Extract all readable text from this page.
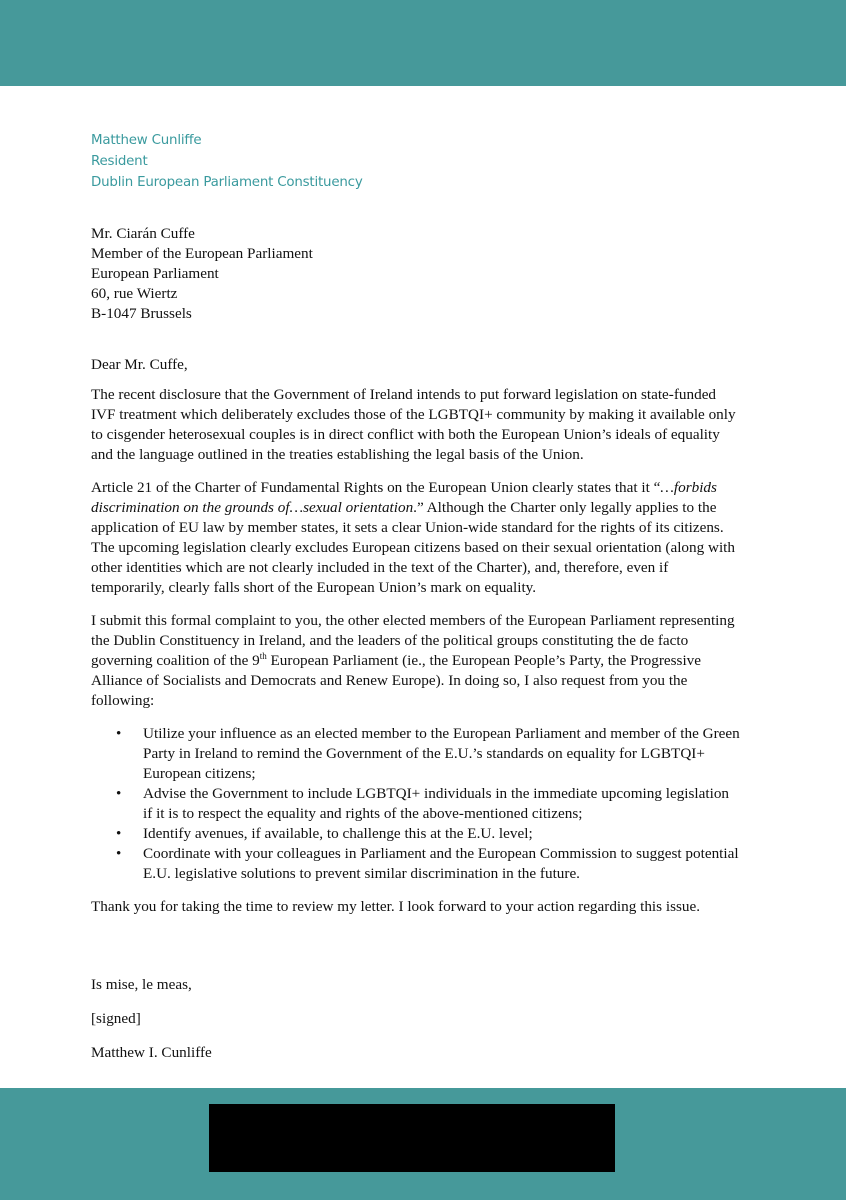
Matthew Cunliffe
Resident
Dublin European Parliament Constituency
Mr. Ciarán Cuffe
Member of the European Parliament
European Parliament
60, rue Wiertz
B-1047 Brussels
Dear Mr. Cuffe,

The recent disclosure that the Government of Ireland intends to put forward legislation on state-funded IVF treatment which deliberately excludes those of the LGBTQI+ community by making it available only to cisgender heterosexual couples is in direct conflict with both the European Union’s ideals of equality and the language outlined in the treaties establishing the legal basis of the Union.

Article 21 of the Charter of Fundamental Rights on the European Union clearly states that it “…forbids discrimination on the grounds of…sexual orientation.” Although the Charter only legally applies to the application of EU law by member states, it sets a clear Union-wide standard for the rights of its citizens. The upcoming legislation clearly excludes European citizens based on their sexual orientation (along with other identities which are not clearly included in the text of the Charter), and, therefore, even if temporarily, clearly falls short of the European Union’s mark on equality.

I submit this formal complaint to you, the other elected members of the European Parliament representing the Dublin Constituency in Ireland, and the leaders of the political groups constituting the de facto governing coalition of the 9th European Parliament (ie., the European People’s Party, the Progressive Alliance of Socialists and Democrats and Renew Europe). In doing so, I also request from you the following:

• Utilize your influence as an elected member to the European Parliament and member of the Green Party in Ireland to remind the Government of the E.U.’s standards on equality for LGBTQI+ European citizens;
• Advise the Government to include LGBTQI+ individuals in the immediate upcoming legislation if it is to respect the equality and rights of the above-mentioned citizens;
• Identify avenues, if available, to challenge this at the E.U. level;
• Coordinate with your colleagues in Parliament and the European Commission to suggest potential E.U. legislative solutions to prevent similar discrimination in the future.

Thank you for taking the time to review my letter. I look forward to your action regarding this issue.

Is mise, le meas,
[signed]
Matthew I. Cunliffe
